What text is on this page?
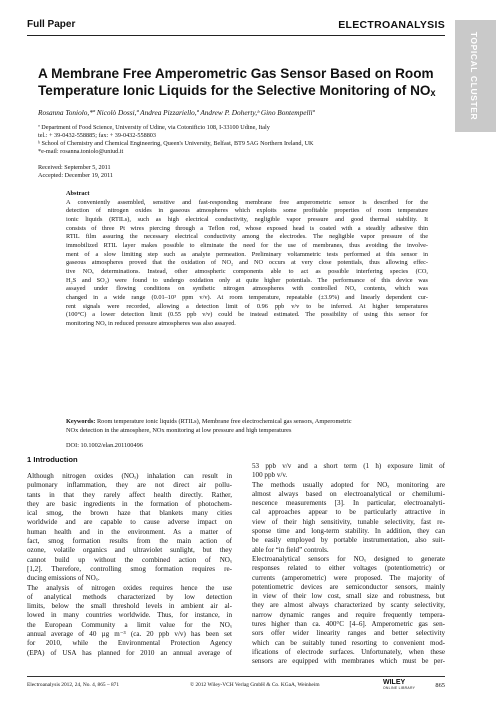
Full Paper	ELECTROANALYSIS
TOPICAL CLUSTER
A Membrane Free Amperometric Gas Sensor Based on Room
Temperature Ionic Liquids for the Selective Monitoring of NOₓ
Rosanna Toniolo,*ª Nicolò Dossi,ª Andrea Pizzariello,ª Andrew P. Doherty,ᵇ Gino Bontempelliª
ª Department of Food Science, University of Udine, via Cotonificio 108, I-33100 Udine, Italy
tel.: + 39-0432-558885; fax: + 39-0432-558803
ᵇ School of Chemistry and Chemical Engineering, Queen's University, Belfast, BT9 5AG Northern Ireland, UK
*e-mail: rosanna.toniolo@uniud.it
Received: September 5, 2011
Accepted: December 19, 2011
Abstract
A conveniently assembled, sensitive and fast-responding membrane free amperometric sensor is described for the
detection of nitrogen oxides in gaseous atmospheres which exploits some profitable properties of room temperature
ionic liquids (RTILs), such as high electrical conductivity, negligible vapor pressure and good thermal stability. It
consists of three Pt wires piercing through a Teflon rod, whose exposed head is coated with a steadily adhesive thin
RTIL film assuring the necessary electrical conductivity among the electrodes. The negligible vapor pressure of the
immobilized RTIL layer makes possible to eliminate the need for the use of membranes, thus avoiding the involve-
ment of a slow limiting step such as analyte permeation. Preliminary voltammetric tests performed at this sensor in
gaseous atmospheres proved that the oxidation of NO₂ and NO occurs at very close potentials, thus allowing effec-
tive NOₓ determinations. Instead, other atmospheric components able to act as possible interfering species (CO,
H₂S and SO₂) were found to undergo oxidation only at quite higher potentials. The performance of this device was
assayed under flowing conditions on synthetic nitrogen atmospheres with controlled NOₓ contents, which was
changed in a wide range (0.01–10³ ppm v/v). At room temperature, repeatable (±3.9%) and linearly dependent cur-
rent signals were recorded, allowing a detection limit of 0.96 ppb v/v to be inferred. At higher temperatures
(100°C) a lower detection limit (0.55 ppb v/v) could be instead estimated. The possibility of using this sensor for
monitoring NOₓ in reduced pressure atmospheres was also assayed.
Keywords: Room temperature ionic liquids (RTILs), Membrane free electrochemical gas sensors, Amperometric
NOx detection in the atmosphere, NOx monitoring at low pressure and high temperatures
DOI: 10.1002/elan.201100496
1 Introduction
Although nitrogen oxides (NOₓ) inhalation can result in
pulmonary inflammation, they are not direct air pollu-
tants in that they rarely affect health directly. Rather,
they are basic ingredients in the formation of photochem-
ical smog, the brown haze that blankets many cities
worldwide and are capable to cause adverse impact on
human health and in the environment. As a matter of
fact, smog formation results from the main action of
ozone, volatile organics and ultraviolet sunlight, but they
cannot build up without the combined action of NOₓ
[1,2]. Therefore, controlling smog formation requires re-
ducing emissions of NOₓ.
The analysis of nitrogen oxides requires hence the use
of analytical methods characterized by low detection
limits, below the small threshold levels in ambient air al-
lowed in many countries worldwide. Thus, for instance, in
the European Community a limit value for the NOₓ
annual average of 40 µg m⁻³ (ca. 20 ppb v/v) has been set
for 2010, while the Environmental Protection Agency
(EPA) of USA has planned for 2010 an annual average of
53 ppb v/v and a short term (1 h) exposure limit of
100 ppb v/v.
The methods usually adopted for NOₓ monitoring are
almost always based on electroanalytical or chemilumi-
nescence measurements [3]. In particular, electroanalyti-
cal approaches appear to be particularly attractive in
view of their high sensitivity, tunable selectivity, fast re-
sponse time and long-term stability. In addition, they can
be easily employed by portable instrumentation, also suit-
able for “in field” controls.
Electroanalytical sensors for NOₓ designed to generate
responses related to either voltages (potentiometric) or
currents (amperometric) were proposed. The majority of
potentiometric devices are semiconductor sensors, mainly
in view of their low cost, small size and robustness, but
they are almost always characterized by scanty selectivity,
narrow dynamic ranges and require frequently tempera-
tures higher than ca. 400°C [4–6]. Amperometric gas sen-
sors offer wider linearity ranges and better selectivity
which can be suitably tuned resorting to convenient mod-
ifications of electrode surfaces. Unfortunately, when these
sensors are equipped with membranes which must be per-
Electroanalysis 2012, 24, No. 4, 865 – 871	© 2012 Wiley-VCH Verlag GmbH & Co. KGaA, Weinheim	WILEY
ONLINE LIBRARY	865
